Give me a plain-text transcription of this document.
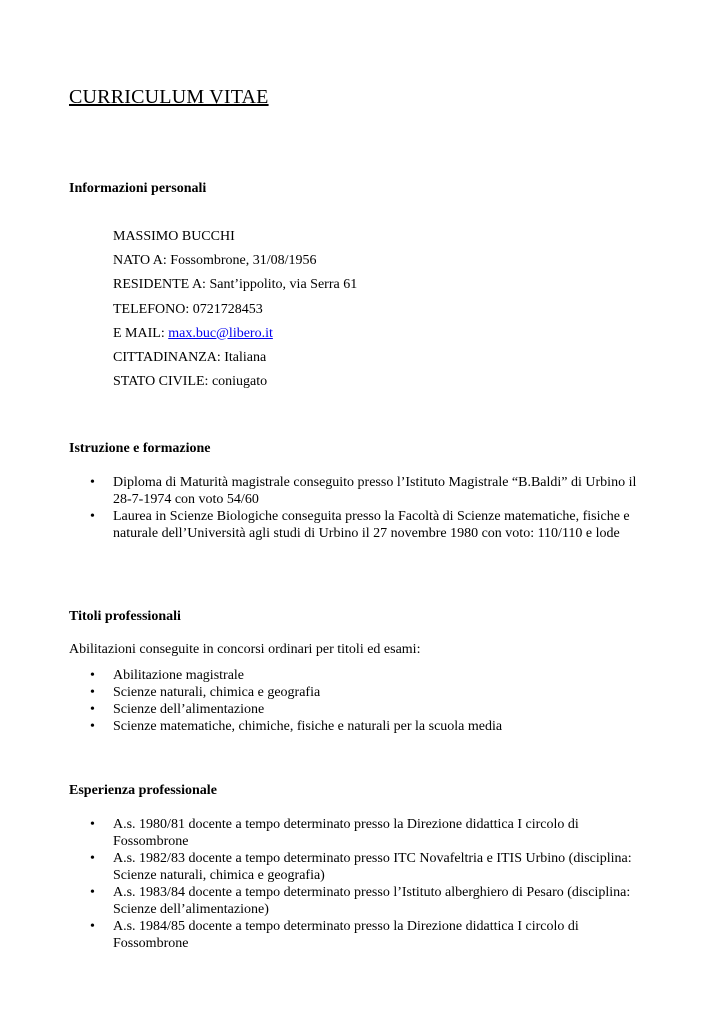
CURRICULUM VITAE
Informazioni personali
MASSIMO BUCCHI
NATO A: Fossombrone, 31/08/1956
RESIDENTE A: Sant’ippolito, via Serra 61
TELEFONO: 0721728453
E MAIL: max.buc@libero.it
CITTADINANZA: Italiana
STATO CIVILE: coniugato
Istruzione e formazione
• Diploma di Maturità magistrale conseguito presso l’Istituto Magistrale “B.Baldi” di Urbino il 28-7-1974 con voto 54/60
• Laurea in Scienze Biologiche conseguita presso la Facoltà di Scienze matematiche, fisiche e naturale dell’Università agli studi di Urbino il 27 novembre 1980 con voto: 110/110 e lode
Titoli professionali

Abilitazioni conseguite in concorsi ordinari per titoli ed esami:

• Abilitazione magistrale
• Scienze naturali, chimica e geografia
• Scienze dell’alimentazione
• Scienze matematiche, chimiche, fisiche e naturali per la scuola media
Esperienza professionale
• A.s. 1980/81 docente a tempo determinato presso la Direzione didattica I circolo di Fossombrone
• A.s. 1982/83 docente a tempo determinato presso ITC Novafeltria e ITIS Urbino (disciplina: Scienze naturali, chimica e geografia)
• A.s. 1983/84 docente a tempo determinato presso l’Istituto alberghiero di Pesaro (disciplina: Scienze dell’alimentazione)
• A.s. 1984/85 docente a tempo determinato presso la Direzione didattica I circolo di Fossombrone
